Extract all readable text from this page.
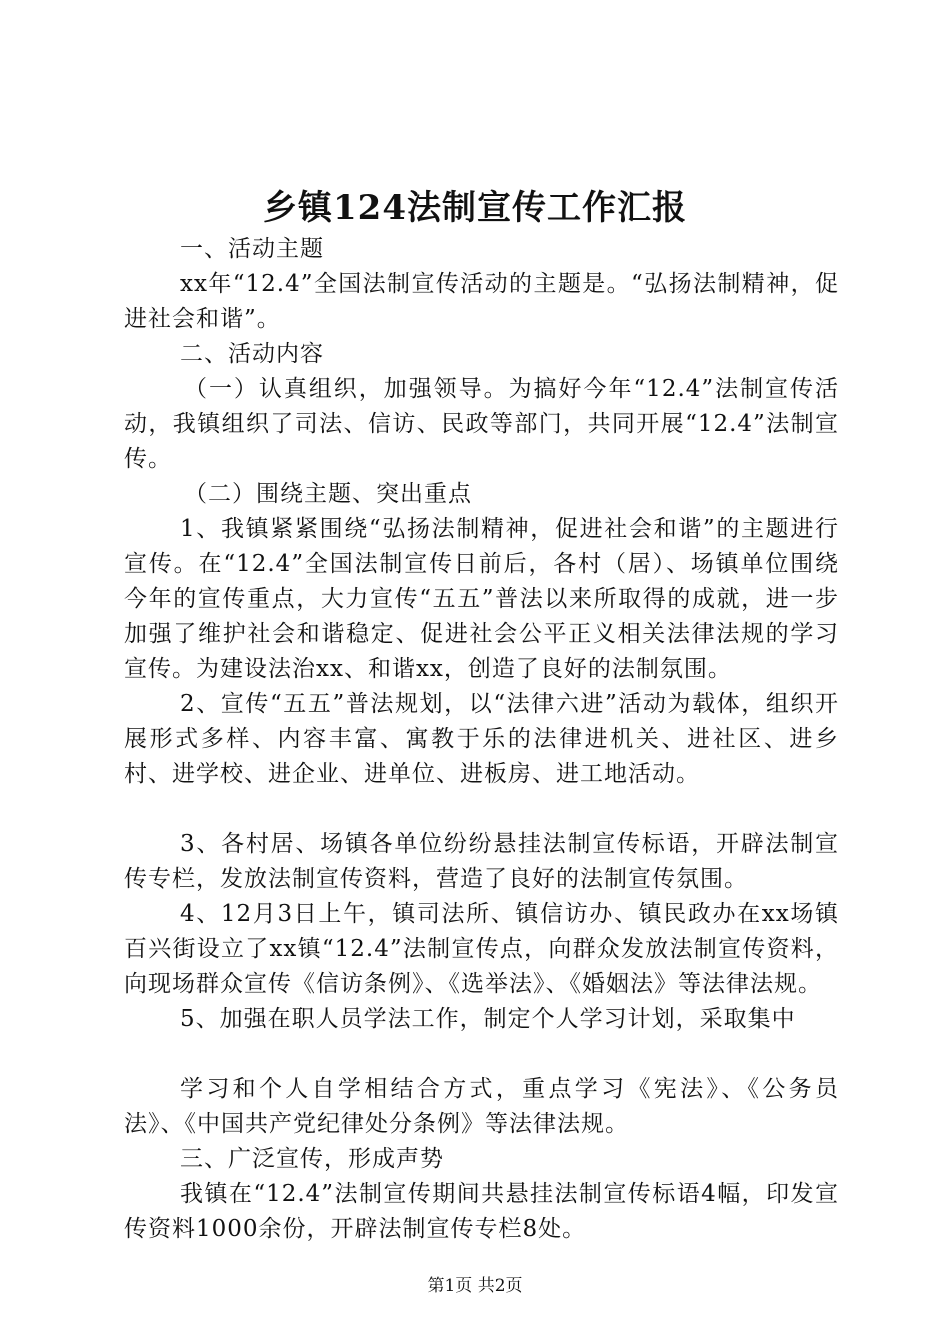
乡镇124法制宣传工作汇报

一、活动主题

xx年“12.4”全国法制宣传活动的主题是。“弘扬法制精神，促进社会和谐”。

二、活动内容

（一）认真组织，加强领导。为搞好今年“12.4”法制宣传活动，我镇组织了司法、信访、民政等部门，共同开展“12.4”法制宣传。

（二）围绕主题、突出重点

1、我镇紧紧围绕“弘扬法制精神，促进社会和谐”的主题进行宣传。在“12.4”全国法制宣传日前后，各村（居）、场镇单位围绕今年的宣传重点，大力宣传“五五”普法以来所取得的成就，进一步加强了维护社会和谐稳定、促进社会公平正义相关法律法规的学习宣传。为建设法治xx、和谐xx，创造了良好的法制氛围。

2、宣传“五五”普法规划，以“法律六进”活动为载体，组织开展形式多样、内容丰富、寓教于乐的法律进机关、进社区、进乡村、进学校、进企业、进单位、进板房、进工地活动。

3、各村居、场镇各单位纷纷悬挂法制宣传标语，开辟法制宣传专栏，发放法制宣传资料，营造了良好的法制宣传氛围。

4、12月3日上午，镇司法所、镇信访办、镇民政办在xx场镇百兴街设立了xx镇“12.4”法制宣传点，向群众发放法制宣传资料，向现场群众宣传《信访条例》、《选举法》、《婚姻法》等法律法规。

5、加强在职人员学法工作，制定个人学习计划，采取集中

学习和个人自学相结合方式，重点学习《宪法》、《公务员法》、《中国共产党纪律处分条例》等法律法规。

三、广泛宣传，形成声势

我镇在“12.4”法制宣传期间共悬挂法制宣传标语4幅，印发宣传资料1000余份，开辟法制宣传专栏8处。

第1页 共2页
